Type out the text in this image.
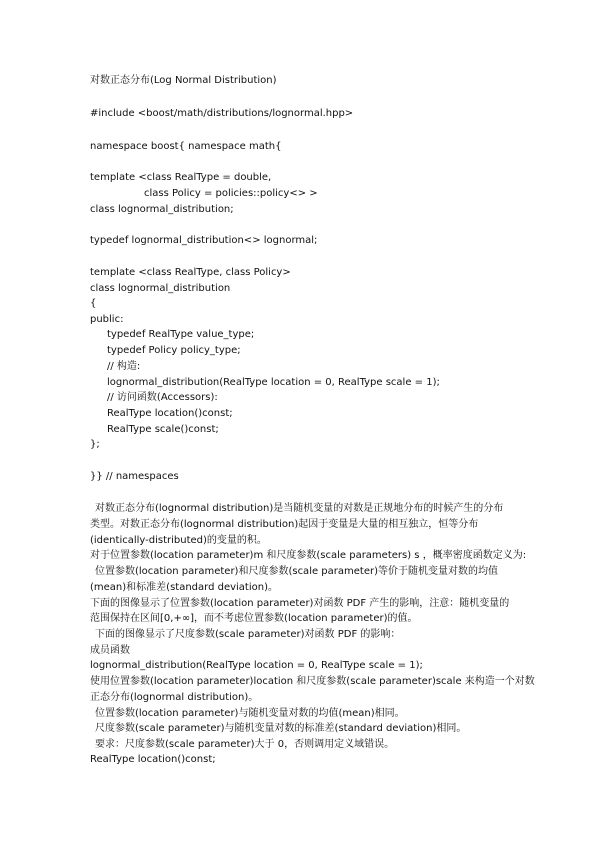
对数正态分布(Log Normal Distribution)
#include <boost/math/distributions/lognormal.hpp>
namespace boost{ namespace math{
template <class RealType = double,
class Policy = policies::policy<> >
class lognormal_distribution;
typedef lognormal_distribution<> lognormal;
template <class RealType, class Policy>
class lognormal_distribution
{
public:
typedef RealType value_type;
typedef Policy policy_type;
// 构造:
lognormal_distribution(RealType location = 0, RealType scale = 1);
// 访问函数(Accessors):
RealType location()const;
RealType scale()const;
};
}} // namespaces
对数正态分布(lognormal distribution)是当随机变量的对数是正规地分布的时候产生的分布
类型。对数正态分布(lognormal distribution)起因于变量是大量的相互独立，恒等分布
(identically-distributed)的变量的积。
对于位置参数(location parameter)m 和尺度参数(scale parameters) s ，概率密度函数定义为:
位置参数(location parameter)和尺度参数(scale parameter)等价于随机变量对数的均值
(mean)和标准差(standard deviation)。
下面的图像显示了位置参数(location parameter)对函数 PDF 产生的影响，注意：随机变量的
范围保持在区间[0,+∞]，而不考虑位置参数(location parameter)的值。
下面的图像显示了尺度参数(scale parameter)对函数 PDF 的影响：
成员函数
lognormal_distribution(RealType location = 0, RealType scale = 1);
使用位置参数(location parameter)location 和尺度参数(scale parameter)scale 来构造一个对数
正态分布(lognormal distribution)。
位置参数(location parameter)与随机变量对数的均值(mean)相同。
尺度参数(scale parameter)与随机变量对数的标准差(standard deviation)相同。
要求：尺度参数(scale parameter)大于 0，否则调用定义域错误。
RealType location()const;
